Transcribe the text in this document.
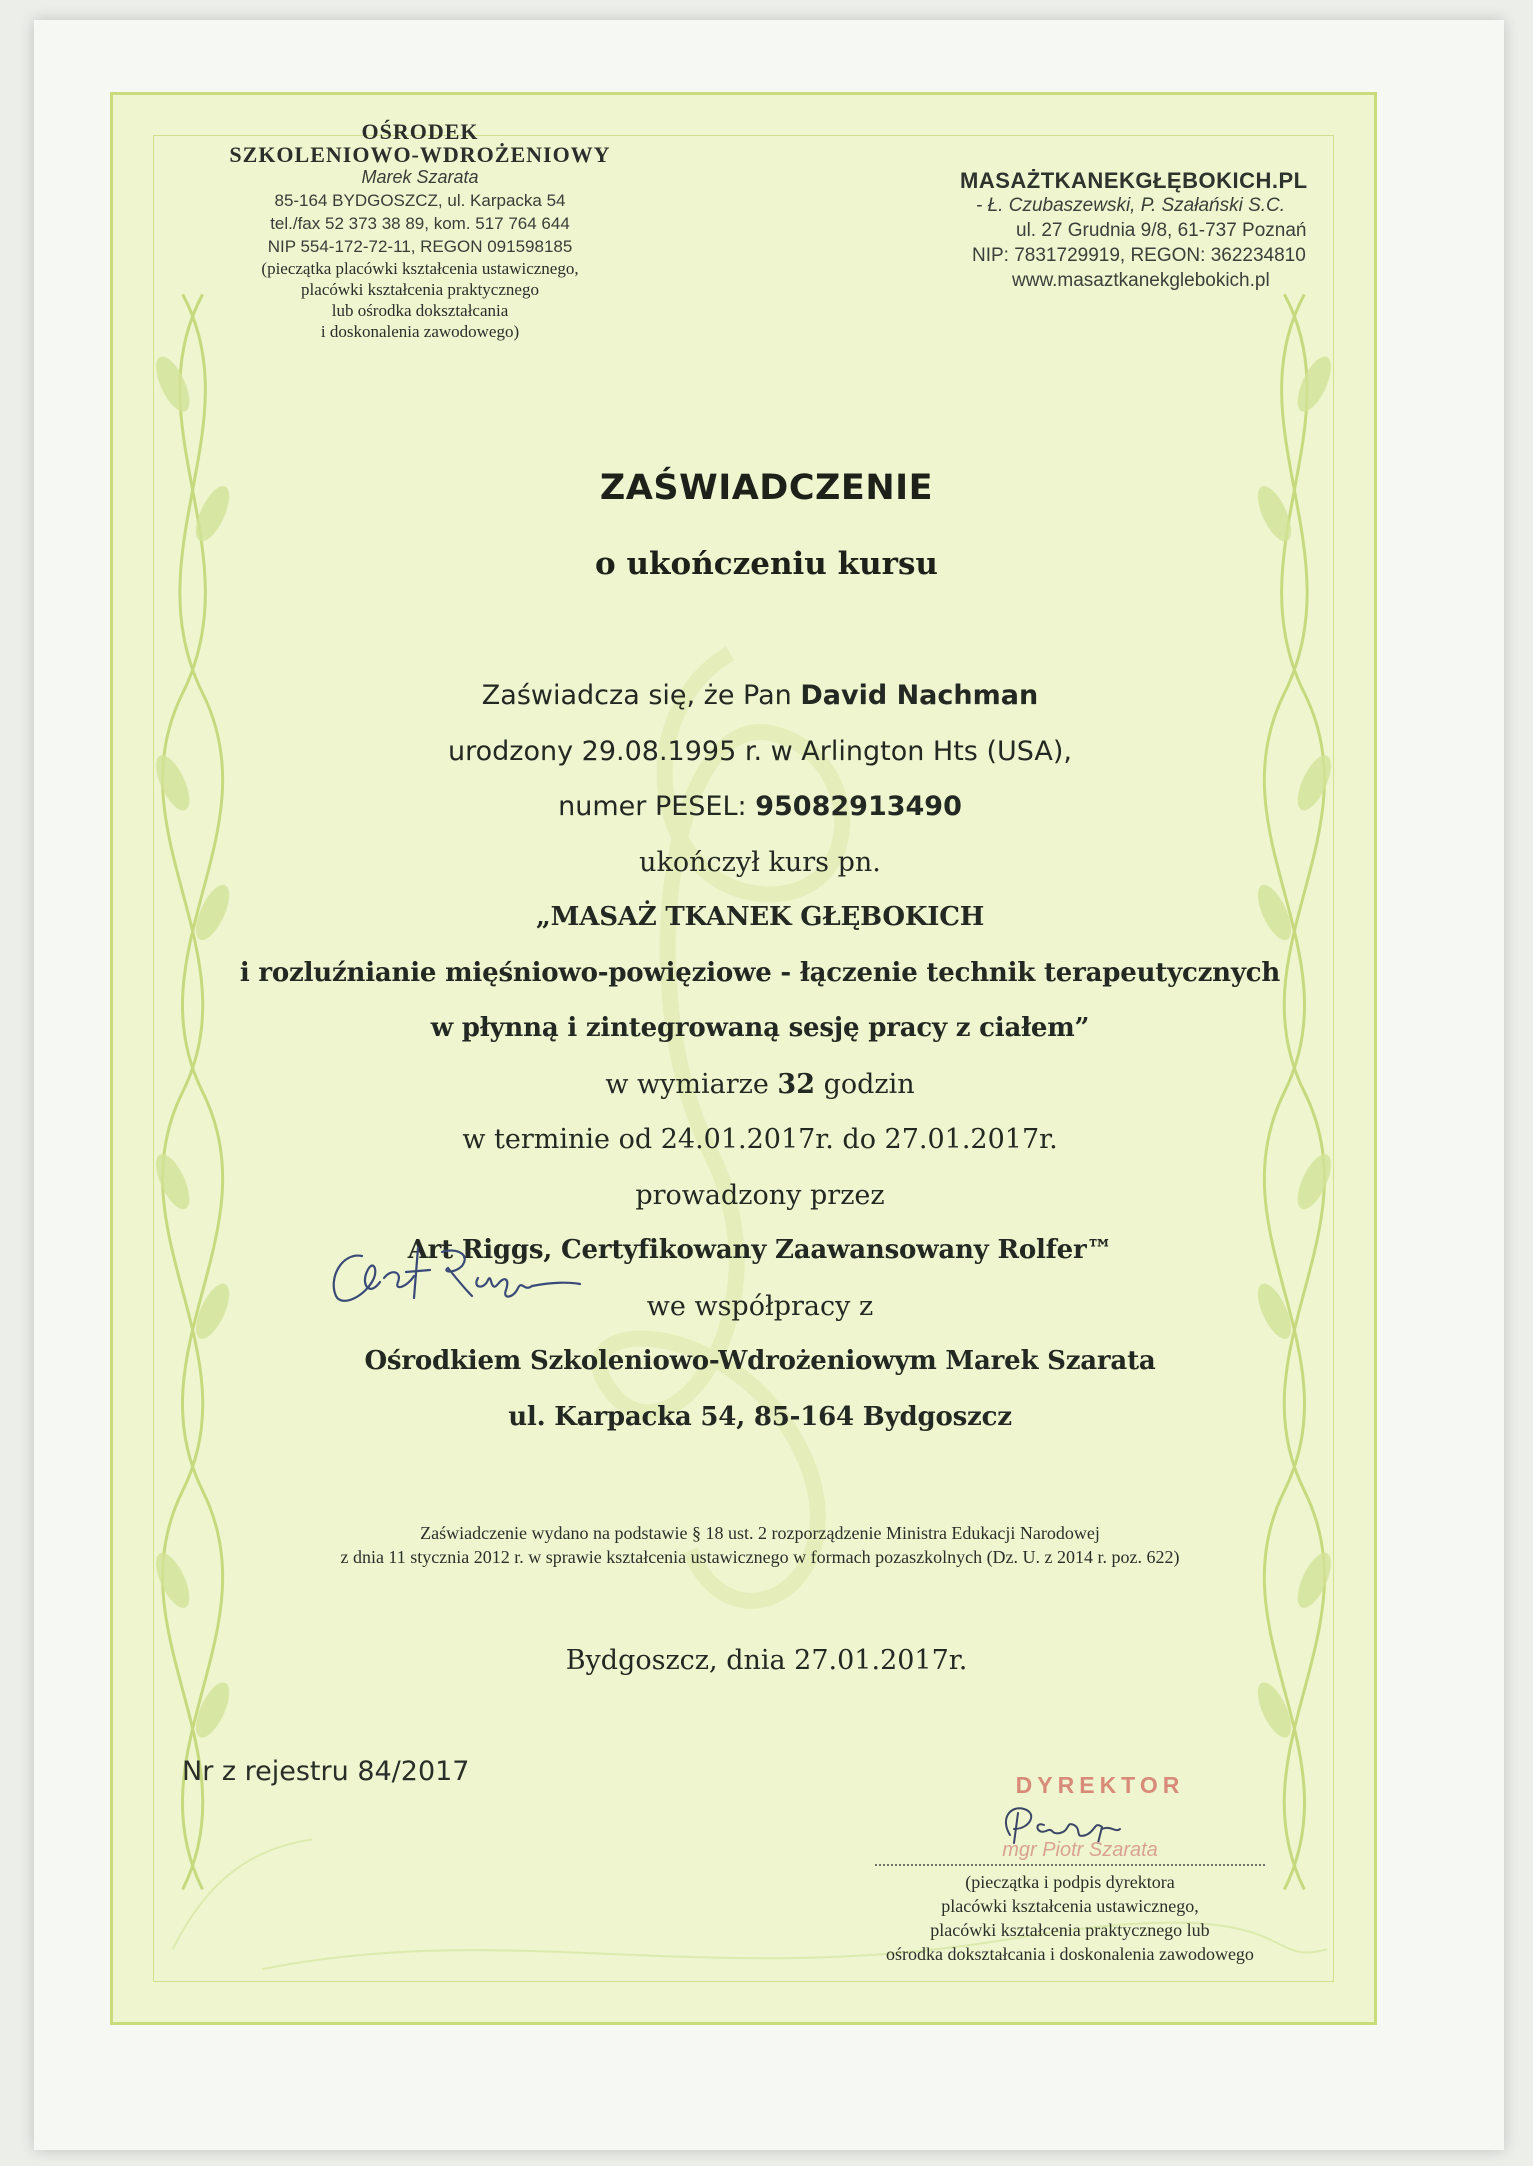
OŚRODEK
SZKOLENIOWO-WDROŻENIOWY
Marek Szarata
85-164 BYDGOSZCZ, ul. Karpacka 54
tel./fax 52 373 38 89, kom. 517 764 644
NIP 554-172-72-11, REGON 091598185
(pieczątka placówki kształcenia ustawicznego,
placówki kształcenia praktycznego
lub ośrodka dokształcania
i doskonalenia zawodowego)
MASAŻTKANEKGŁĘBOKICH.PL
- Ł. Czubaszewski, P. Szałański S.C.
ul. 27 Grudnia 9/8, 61-737 Poznań
NIP: 7831729919, REGON: 362234810
www.masaztkanekglebokich.pl
ZAŚWIADCZENIE
o ukończeniu kursu
Zaświadcza się, że Pan David Nachman
urodzony 29.08.1995 r. w Arlington Hts (USA),
numer PESEL: 95082913490
ukończył kurs pn.
„MASAŻ TKANEK GŁĘBOKICH
i rozluźnianie mięśniowo-powięziowe - łączenie technik terapeutycznych
w płynną i zintegrowaną sesję pracy z ciałem”
w wymiarze 32 godzin
w terminie od 24.01.2017r. do 27.01.2017r.
prowadzony przez
Art Riggs, Certyfikowany Zaawansowany Rolfer™
we współpracy z
Ośrodkiem Szkoleniowo-Wdrożeniowym Marek Szarata
ul. Karpacka 54, 85-164 Bydgoszcz
Zaświadczenie wydano na podstawie § 18 ust. 2 rozporządzenie Ministra Edukacji Narodowej
z dnia 11 stycznia 2012 r. w sprawie kształcenia ustawicznego w formach pozaszkolnych (Dz. U. z 2014 r. poz. 622)
Bydgoszcz, dnia 27.01.2017r.
Nr z rejestru 84/2017	DYREKTOR
mgr Piotr Szarata
(pieczątka i podpis dyrektora
placówki kształcenia ustawicznego,
placówki kształcenia praktycznego lub
ośrodka dokształcania i doskonalenia zawodowego
